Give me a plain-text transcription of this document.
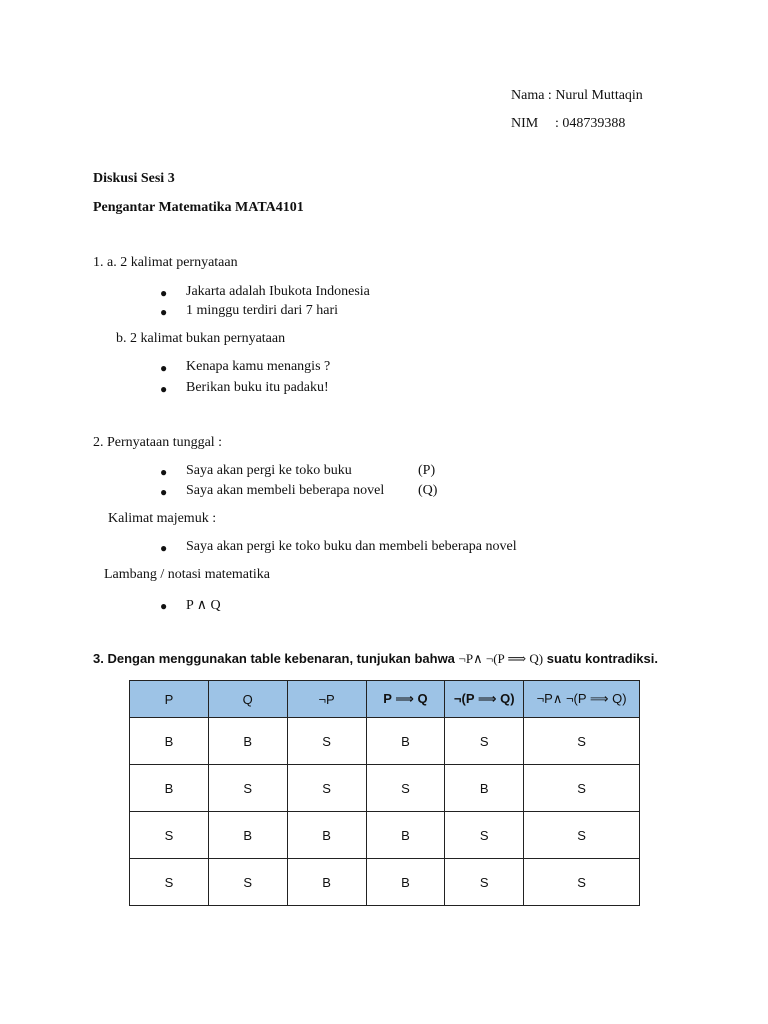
Nama : Nurul Muttaqin
NIM : 048739388
Diskusi Sesi 3
Pengantar Matematika MATA4101
1. a. 2 kalimat pernyataan
● Jakarta adalah Ibukota Indonesia
● 1 minggu terdiri dari 7 hari
b. 2 kalimat bukan pernyataan
● Kenapa kamu menangis ?
● Berikan buku itu padaku!
2. Pernyataan tunggal :
● Saya akan pergi ke toko buku	(P)
● Saya akan membeli beberapa novel (Q)
Kalimat majemuk :
● Saya akan pergi ke toko buku dan membeli beberapa novel
Lambang / notasi matematika
● P ∧ Q
3. Dengan menggunakan table kebenaran, tunjukan bahwa ¬P∧ ¬(P ⟹ Q) suatu kontradiksi.
P	Q	¬P	P ⟹ Q	¬(P ⟹ Q)	¬P∧ ¬(P ⟹ Q)
B	B	S	B	S	S
B	S	S	S	B	S
S	B	B	B	S	S
S	S	B	B	S	S
